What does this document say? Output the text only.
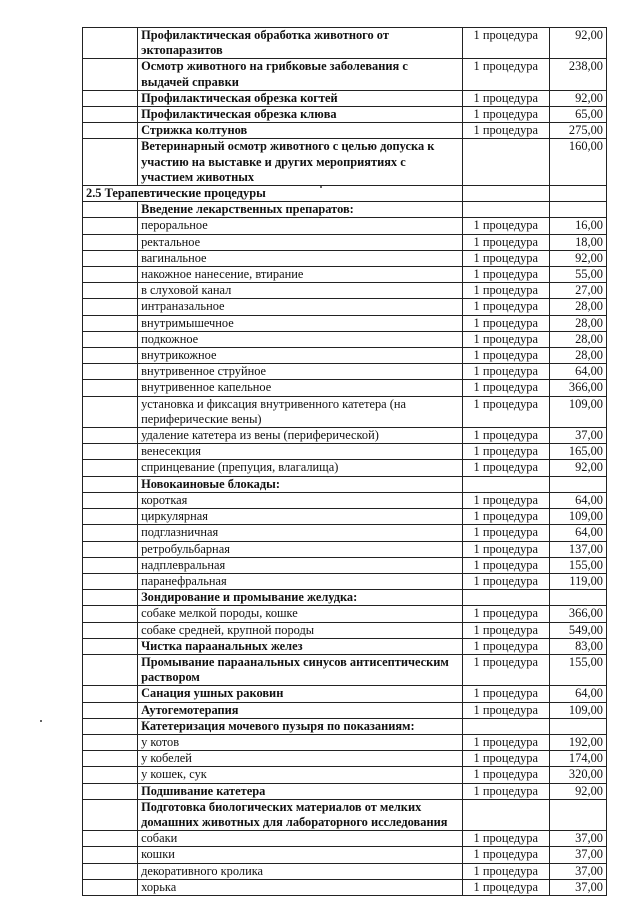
	Профилактическая обработка животного от эктопаразитов	1 процедура	92,00
	Осмотр животного на грибковые заболевания с выдачей справки	1 процедура	238,00
	Профилактическая обрезка когтей	1 процедура	92,00
	Профилактическая обрезка клюва	1 процедура	65,00
	Стрижка колтунов	1 процедура	275,00
	Ветеринарный осмотр животного с целью допуска к участию на выставке и других мероприятиях с участием животных		160,00
2.5 Терапевтические процедуры			
	Введение лекарственных препаратов:		
	пероральное	1 процедура	16,00
	ректальное	1 процедура	18,00
	вагинальное	1 процедура	92,00
	накожное нанесение, втирание	1 процедура	55,00
	в слуховой канал	1 процедура	27,00
	интраназальное	1 процедура	28,00
	внутримышечное	1 процедура	28,00
	подкожное	1 процедура	28,00
	внутрикожное	1 процедура	28,00
	внутривенное струйное	1 процедура	64,00
	внутривенное капельное	1 процедура	366,00
	установка и фиксация внутривенного катетера (на периферические вены)	1 процедура	109,00
	удаление катетера из вены (периферической)	1 процедура	37,00
	венесекция	1 процедура	165,00
	спринцевание (препуция, влагалища)	1 процедура	92,00
	Новокаиновые блокады:		
	короткая	1 процедура	64,00
	циркулярная	1 процедура	109,00
	подглазничная	1 процедура	64,00
	ретробульбарная	1 процедура	137,00
	надплевральная	1 процедура	155,00
	паранефральная	1 процедура	119,00
	Зондирование и промывание желудка:		
	собаке мелкой породы, кошке	1 процедура	366,00
	собаке средней, крупной породы	1 процедура	549,00
	Чистка параанальных желез	1 процедура	83,00
	Промывание параанальных синусов антисептическим раствором	1 процедура	155,00
	Санация ушных раковин	1 процедура	64,00
	Аутогемотерапия	1 процедура	109,00
	Катетеризация мочевого пузыря по показаниям:		
	у котов	1 процедура	192,00
	у кобелей	1 процедура	174,00
	у кошек, сук	1 процедура	320,00
	Подшивание катетера	1 процедура	92,00
	Подготовка биологических материалов от мелких домашних животных для лабораторного исследования		
	собаки	1 процедура	37,00
	кошки	1 процедура	37,00
	декоративного кролика	1 процедура	37,00
	хорька	1 процедура	37,00
